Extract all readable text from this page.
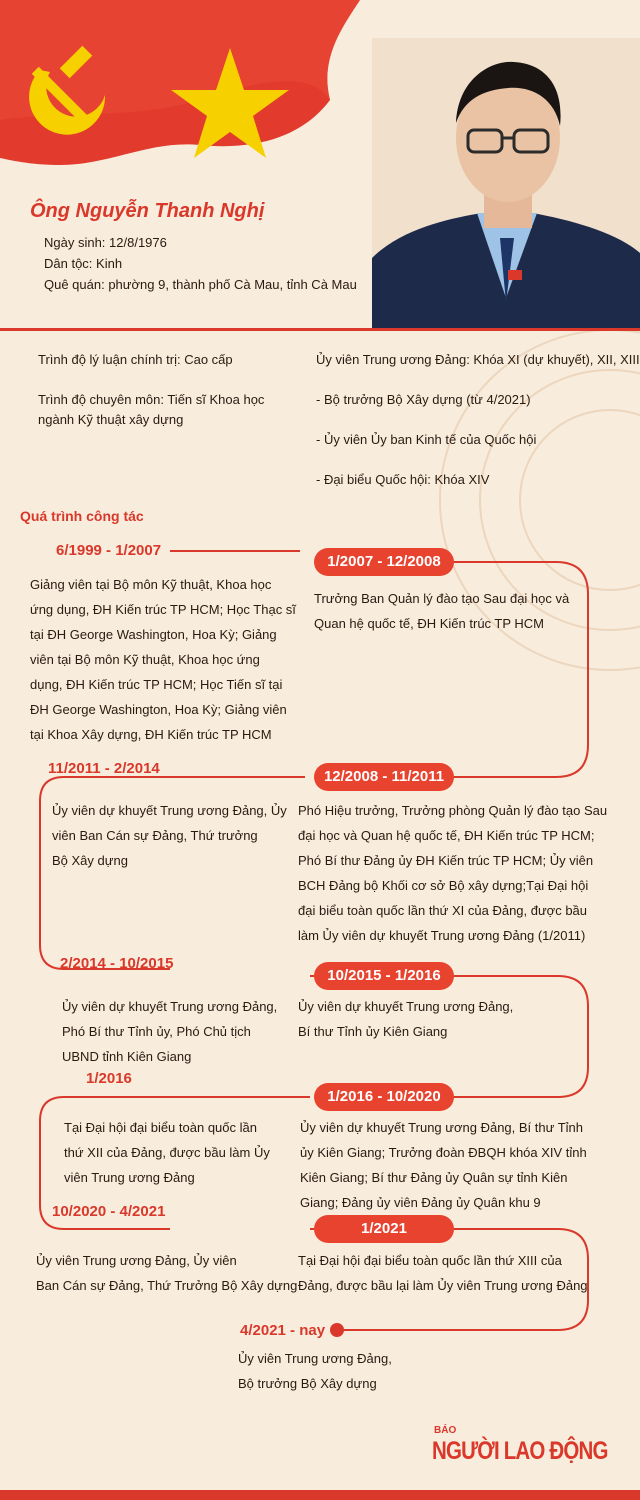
Ông Nguyễn Thanh Nghị
Ngày sinh: 12/8/1976
Dân tộc: Kinh
Quê quán: phường 9, thành phố Cà Mau, tỉnh Cà Mau
Trình độ lý luận chính trị: Cao cấp
Trình độ chuyên môn: Tiến sĩ Khoa học
ngành Kỹ thuật xây dựng
Ủy viên Trung ương Đảng: Khóa XI (dự khuyết), XII, XIII
- Bộ trưởng Bộ Xây dựng (từ 4/2021)
- Ủy viên Ủy ban Kinh tế của Quốc hội
- Đại biểu Quốc hội: Khóa XIV
Quá trình công tác
6/1999 - 1/2007
Giảng viên tại Bộ môn Kỹ thuật, Khoa học
ứng dụng, ĐH Kiến trúc TP HCM; Học Thạc sĩ
tại ĐH George Washington, Hoa Kỳ; Giảng
viên tại Bộ môn Kỹ thuật, Khoa học ứng
dụng, ĐH Kiến trúc TP HCM; Học Tiến sĩ tại
ĐH George Washington, Hoa Kỳ; Giảng viên
tại Khoa Xây dựng, ĐH Kiến trúc TP HCM
1/2007 - 12/2008
Trưởng Ban Quản lý đào tạo Sau đại học và
Quan hệ quốc tế, ĐH Kiến trúc TP HCM
11/2011 - 2/2014
Ủy viên dự khuyết Trung ương Đảng, Ủy
viên Ban Cán sự Đảng, Thứ trưởng
Bộ Xây dựng
12/2008 - 11/2011
Phó Hiệu trưởng, Trưởng phòng Quản lý đào tạo Sau
đại học và Quan hệ quốc tế, ĐH Kiến trúc TP HCM;
Phó Bí thư Đảng ủy ĐH Kiến trúc TP HCM; Ủy viên
BCH Đảng bộ Khối cơ sở Bộ xây dựng;Tại Đại hội
đại biểu toàn quốc lần thứ XI của Đảng, được bầu
làm Ủy viên dự khuyết Trung ương Đảng (1/2011)
2/2014 - 10/2015
Ủy viên dự khuyết Trung ương Đảng,
Phó Bí thư Tỉnh ủy, Phó Chủ tịch
UBND tỉnh Kiên Giang
10/2015 - 1/2016
Ủy viên dự khuyết Trung ương Đảng,
Bí thư Tỉnh ủy Kiên Giang
1/2016
Tại Đại hội đại biểu toàn quốc lần
thứ XII của Đảng, được bầu làm Ủy
viên Trung ương Đảng
1/2016 - 10/2020
Ủy viên dự khuyết Trung ương Đảng, Bí thư Tỉnh
ủy Kiên Giang; Trưởng đoàn ĐBQH khóa XIV tỉnh
Kiên Giang; Bí thư Đảng ủy Quân sự tỉnh Kiên
Giang; Đảng ủy viên Đảng ủy Quân khu 9
10/2020 - 4/2021
Ủy viên Trung ương Đảng, Ủy viên
Ban Cán sự Đảng, Thứ Trưởng Bộ Xây dựng
1/2021
Tại Đại hội đại biểu toàn quốc lần thứ XIII của
Đảng, được bầu lại làm Ủy viên Trung ương Đảng
4/2021 - nay
Ủy viên Trung ương Đảng,
Bộ trưởng Bộ Xây dựng
BÁO
NGƯỜI LAO ĐỘNG
